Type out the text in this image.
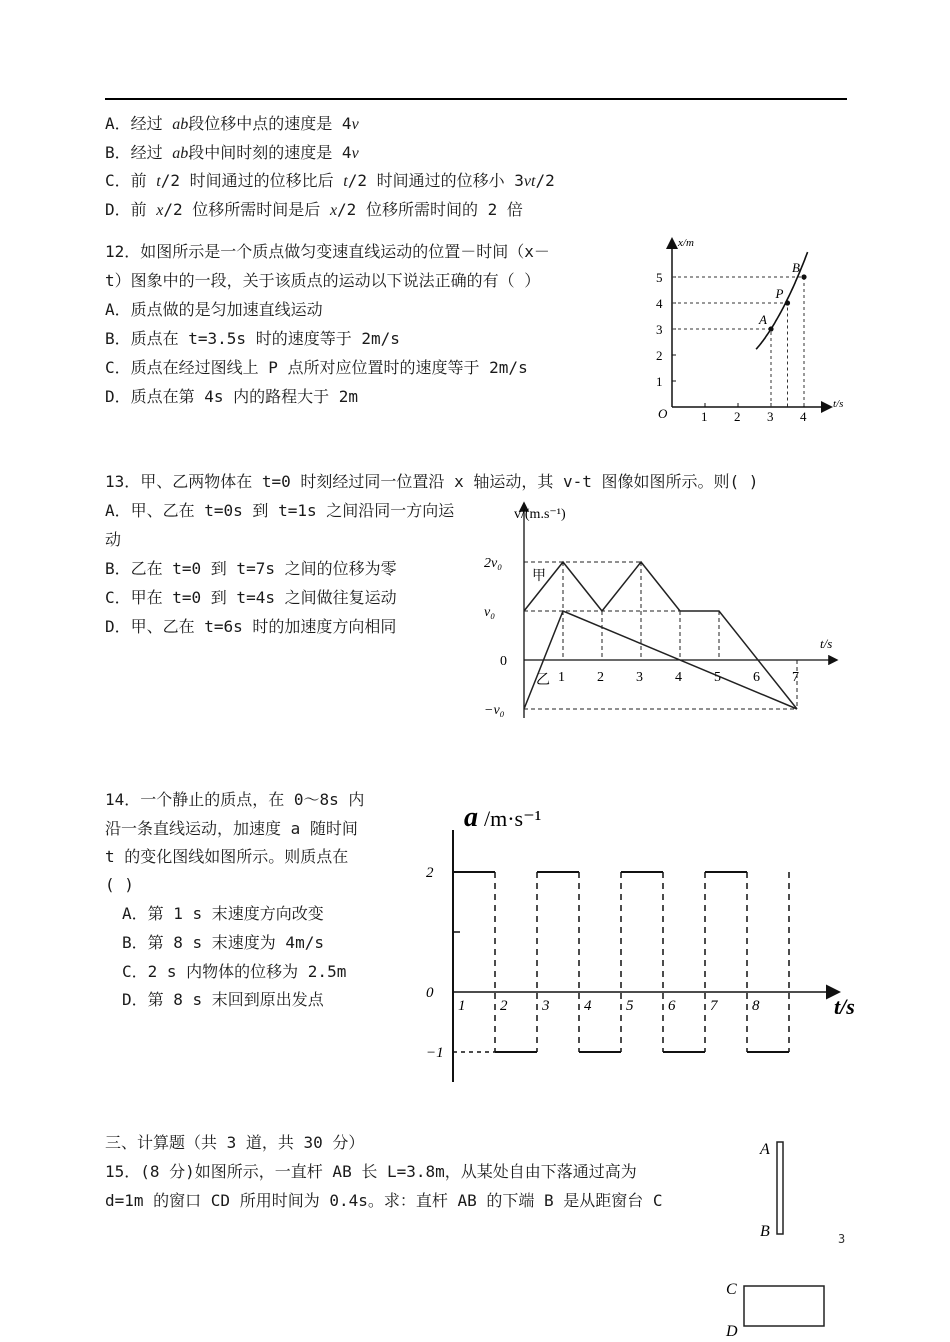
A．经过 ab段位移中点的速度是 4v
B．经过 ab段中间时刻的速度是 4v
C．前 t/2 时间通过的位移比后 t/2 时间通过的位移小 3vt/2
D．前 x/2 位移所需时间是后 x/2 位移所需时间的 2 倍
12．如图所示是一个质点做匀变速直线运动的位置－时间（x－
t）图象中的一段，关于该质点的运动以下说法正确的有（ ）
A．质点做的是匀加速直线运动
B．质点在 t=3.5s 时的速度等于 2m/s
C．质点在经过图线上 P 点所对应位置时的速度等于 2m/s
D．质点在第 4s 内的路程大于 2m
x/m
t/s
O	1 2 3 4
1
2
3
4
5
A
P
B
13．甲、乙两物体在 t=0 时刻经过同一位置沿 x 轴运动，其 v-t 图像如图所示。则( )
A．甲、乙在 t=0s 到 t=1s 之间沿同一方向运
动
B．乙在 t=0 到 t=7s 之间的位移为零
C．甲在 t=0 到 t=4s 之间做往复运动
D．甲、乙在 t=6s 时的加速度方向相同
v/(m.s⁻¹)
t/s
0
1 2 3 4 5 6 7
2v₀
v₀
−v₀
甲
乙
14．一个静止的质点，在 0～8s 内
沿一条直线运动，加速度 a 随时间
t 的变化图线如图所示。则质点在
( )
A．第 1 s 末速度方向改变
B．第 8 s 末速度为 4m/s
C．2 s 内物体的位移为 2.5m
D．第 8 s 末回到原出发点
a /m·s⁻¹
t/s
2
0
−1
1 2 3 4 5 6 7 8
三、计算题（共 3 道，共 30 分）
15．(8 分)如图所示，一直杆 AB 长 L=3.8m，从某处自由下落通过高为
d=1m 的窗口 CD 所用时间为 0.4s。求：直杆 AB 的下端 B 是从距窗台 C
A
B
C
D
3
